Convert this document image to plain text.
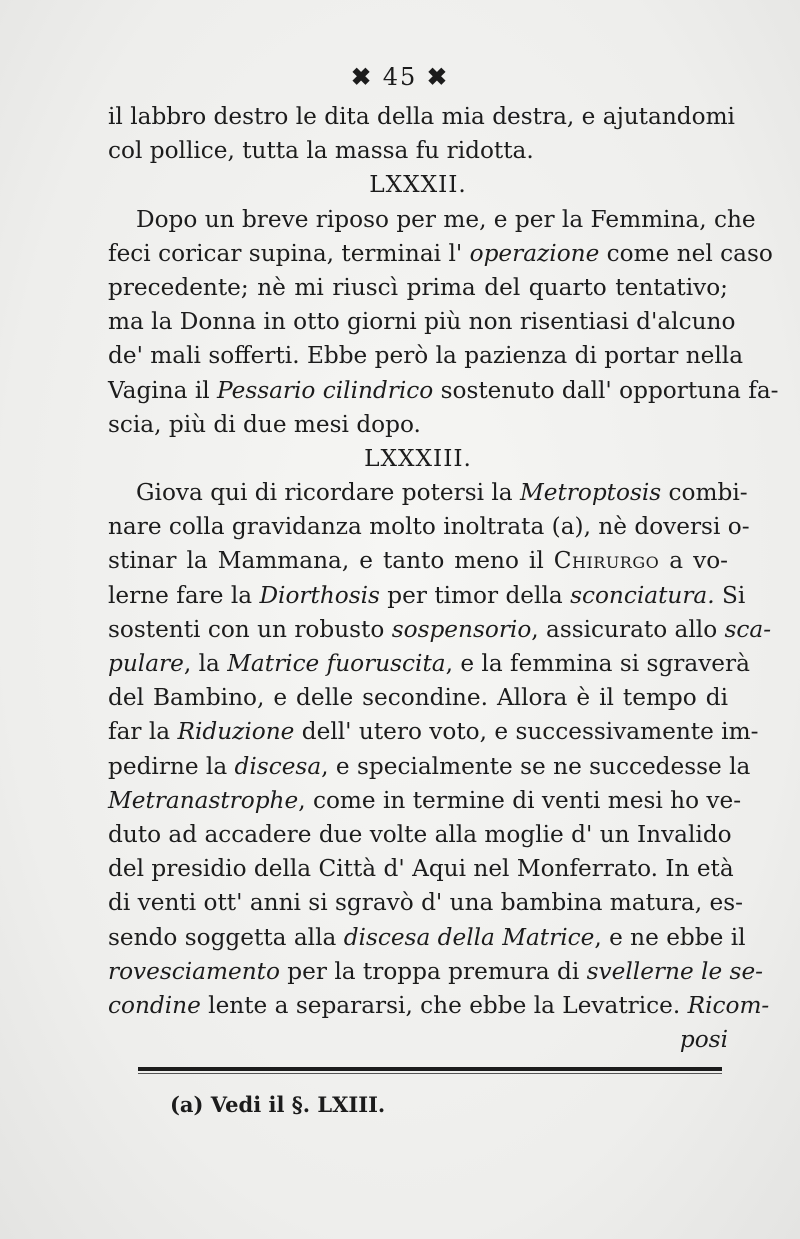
✖ 45 ✖
il labbro destro le dita della mia destra, e ajutandomi
col pollice, tutta la massa fu ridotta.
LXXXII.
Dopo un breve riposo per me, e per la Femmina, che
feci coricar supina, terminai l' operazione come nel caso
precedente; nè mi riuscì prima del quarto tentativo;
ma la Donna in otto giorni più non risentiasi d'alcuno
de' mali sofferti. Ebbe però la pazienza di portar nella
Vagina il Pessario cilindrico sostenuto dall' opportuna fa-
scia, più di due mesi dopo.
LXXXIII.
Giova qui di ricordare potersi la Metroptosis combi-
nare colla gravidanza molto inoltrata (a), nè doversi o-
stinar la Mammana, e tanto meno il Chirurgo a vo-
lerne fare la Diorthosis per timor della sconciatura. Si
sostenti con un robusto sospensorio, assicurato allo sca-
pulare, la Matrice fuoruscita, e la femmina si sgraverà
del Bambino, e delle secondine. Allora è il tempo di
far la Riduzione dell' utero voto, e successivamente im-
pedirne la discesa, e specialmente se ne succedesse la
Metranastrophe, come in termine di venti mesi ho ve-
duto ad accadere due volte alla moglie d' un Invalido
del presidio della Città d' Aqui nel Monferrato. In età
di venti ott' anni si sgravò d' una bambina matura, es-
sendo soggetta alla discesa della Matrice, e ne ebbe il
rovesciamento per la troppa premura di svellerne le se-
condine lente a separarsi, che ebbe la Levatrice. Ricom-
posi
(a) Vedi il §. LXIII.
